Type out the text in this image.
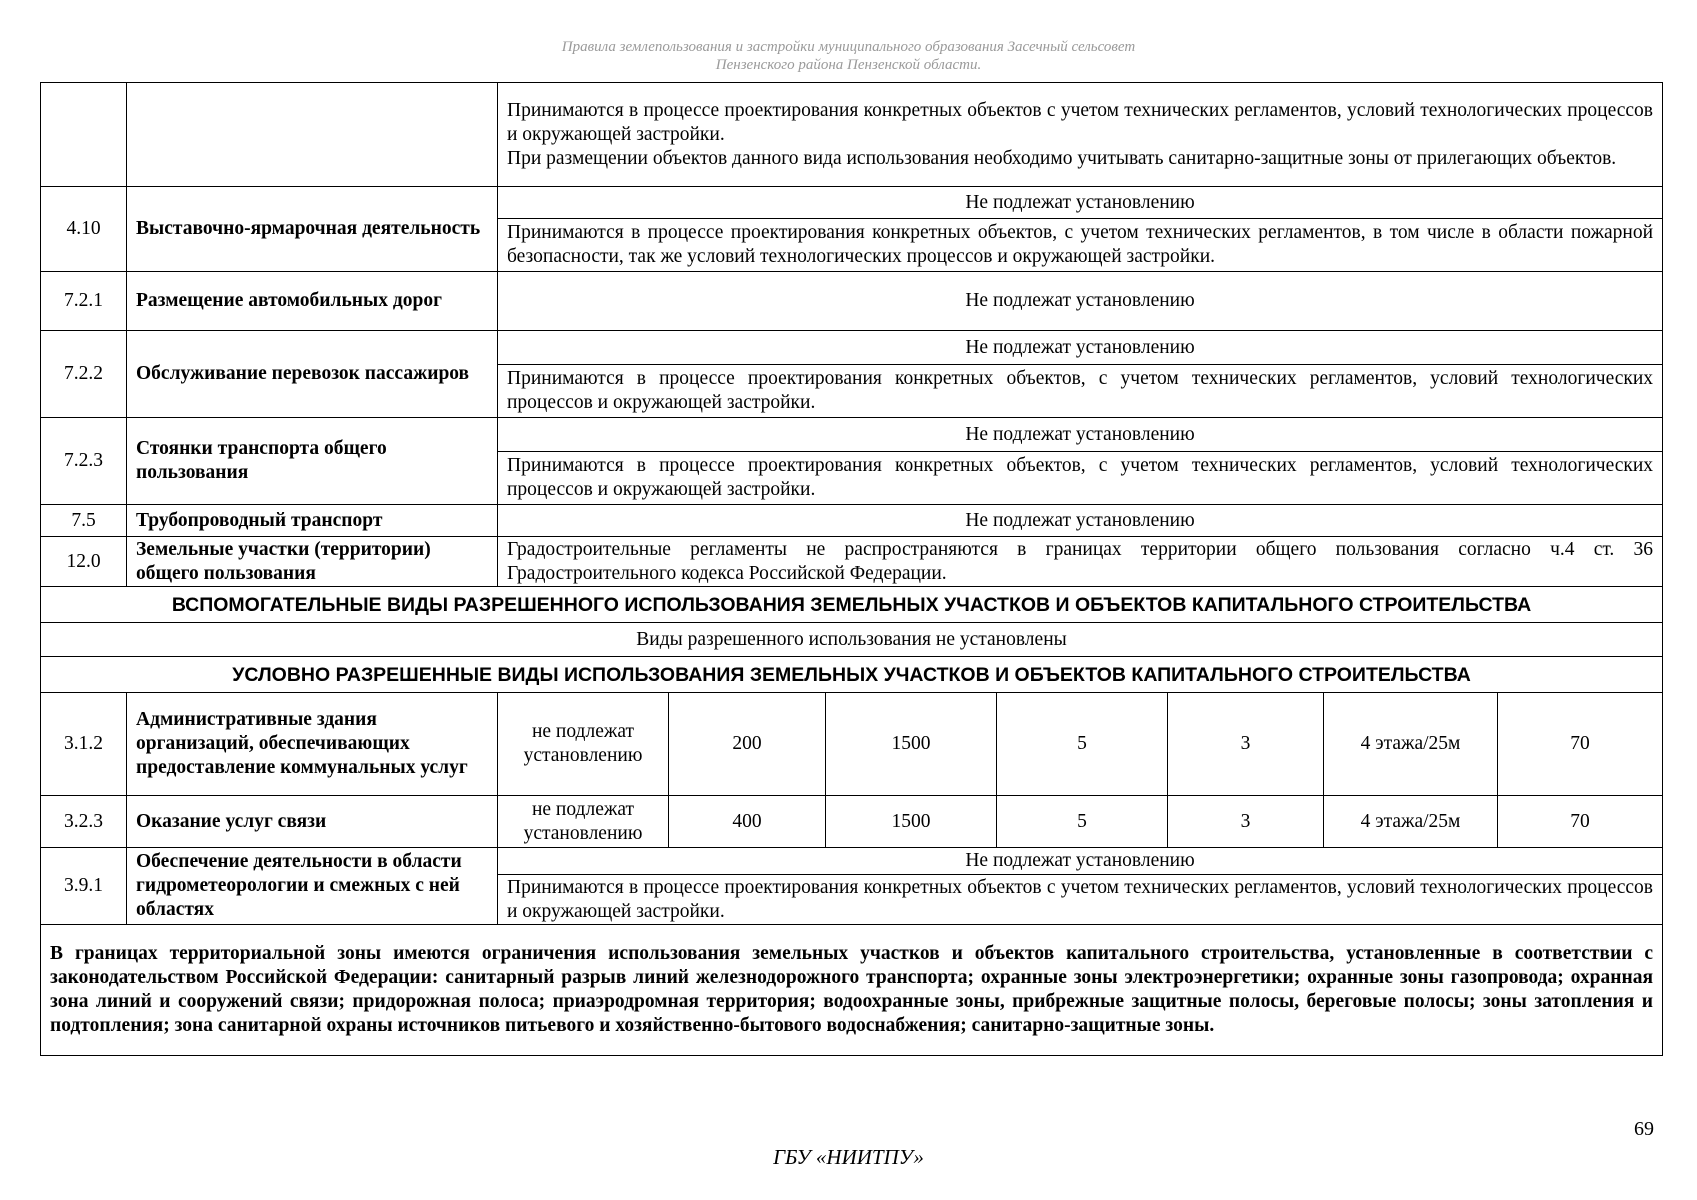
Правила землепользования и застройки муниципального образования Засечный сельсовет
Пензенского района Пензенской области.

		Принимаются в процессе проектирования конкретных объектов с учетом технических регламентов, условий технологических процессов и окружающей застройки.
При размещении объектов данного вида использования необходимо учитывать санитарно-защитные зоны от прилегающих объектов.						

4.10	Выставочно-ярмарочная деятельность	Не подлежат установлению						
		Принимаются в процессе проектирования конкретных объектов, с учетом технических регламентов, в том числе в области пожарной безопасности, так же условий технологических процессов и окружающей застройки.						
7.2.1	Размещение автомобильных дорог	Не подлежат установлению						
7.2.2	Обслуживание перевозок пассажиров	Не подлежат установлению						
		Принимаются в процессе проектирования конкретных объектов, с учетом технических регламентов, условий технологических процессов и окружающей застройки.						
7.2.3	Стоянки транспорта общего пользования	Не подлежат установлению						
		Принимаются в процессе проектирования конкретных объектов, с учетом технических регламентов, условий технологических процессов и окружающей застройки.						
7.5	Трубопроводный транспорт	Не подлежат установлению						
12.0	Земельные участки (территории) общего пользования	Градостроительные регламенты не распространяются в границах территории общего пользования согласно ч.4 ст. 36 Градостроительного кодекса Российской Федерации.						
ВСПОМОГАТЕЛЬНЫЕ ВИДЫ РАЗРЕШЕННОГО ИСПОЛЬЗОВАНИЯ ЗЕМЕЛЬНЫХ УЧАСТКОВ И ОБЪЕКТОВ КАПИТАЛЬНОГО СТРОИТЕЛЬСТВА								
Виды разрешенного использования не установлены								
УСЛОВНО РАЗРЕШЕННЫЕ ВИДЫ ИСПОЛЬЗОВАНИЯ ЗЕМЕЛЬНЫХ УЧАСТКОВ И ОБЪЕКТОВ КАПИТАЛЬНОГО СТРОИТЕЛЬСТВА								
3.1.2	Административные здания организаций, обеспечивающих предоставление коммунальных услуг	не подлежат установлению	200	1500	5	3	4 этажа/25м	70
3.2.3	Оказание услуг связи	не подлежат установлению	400	1500	5	3	4 этажа/25м	70
3.9.1	Обеспечение деятельности в области гидрометеорологии и смежных с ней областях	Не подлежат установлению						
		Принимаются в процессе проектирования конкретных объектов с учетом технических регламентов, условий технологических процессов и окружающей застройки.						
В границах территориальной зоны имеются ограничения использования земельных участков и объектов капитального строительства, установленные в соответствии с законодательством Российской Федерации: санитарный разрыв линий железнодорожного транспорта; охранные зоны электроэнергетики; охранные зоны газопровода; охранная зона линий и сооружений связи; придорожная полоса; приаэродромная территория; водоохранные зоны, прибрежные защитные полосы, береговые полосы; зоны затопления и подтопления; зона санитарной охраны источников питьевого и хозяйственно-бытового водоснабжения; санитарно-защитные зоны.								
69
ГБУ «НИИТПУ»
